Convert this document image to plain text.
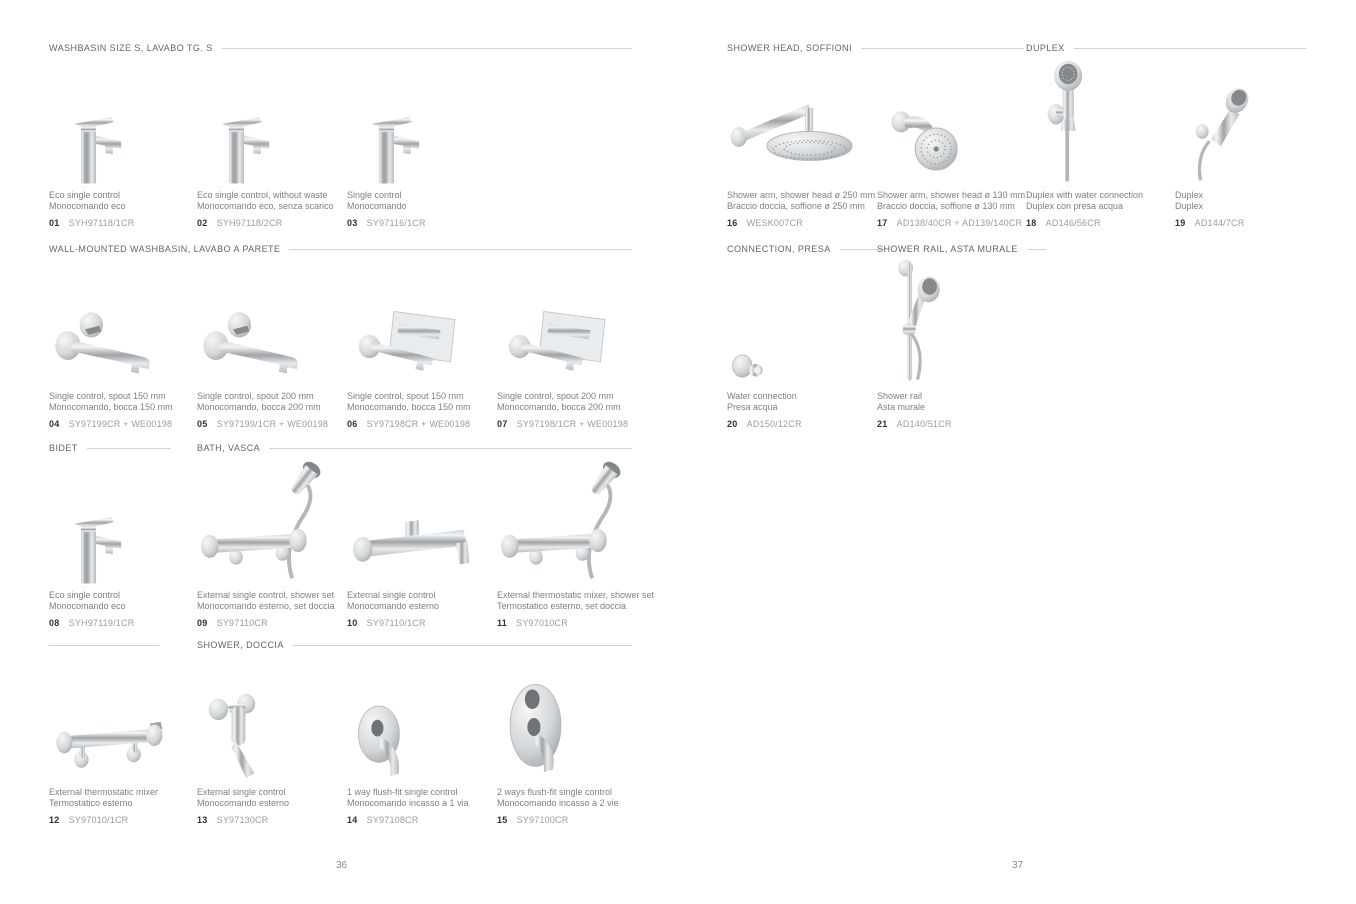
WASHBASIN SIZE S, LAVABO TG. S
Eco single control
Monocomando eco
01 SYH97118/1CR
Eco single control, without waste
Monocomando eco, senza scarico
02 SYH97118/2CR
Single control
Monocomando
03 SY97116/1CR
WALL-MOUNTED WASHBASIN, LAVABO A PARETE
Single control, spout 150 mm
Monocomando, bocca 150 mm
04 SY97199CR + WE00198
Single control, spout 200 mm
Monocomando, bocca 200 mm
05 SY97199/1CR + WE00198
Single control, spout 150 mm
Monocomando, bocca 150 mm
06 SY97198CR + WE00198
Single control, spout 200 mm
Monocomando, bocca 200 mm
07 SY97198/1CR + WE00198
BIDET	BATH, VASCA
Eco single control
Monocomando eco
08 SYH97119/1CR
External single control, shower set
Monocomando esterno, set doccia
09 SY97110CR
External single control
Monocomando esterno
10 SY97110/1CR
External thermostatic mixer, shower set
Termostatico esterno, set doccia
11 SY97010CR
SHOWER, DOCCIA
External thermostatic mixer
Termostatico esterno
12 SY97010/1CR
External single control
Monocomando esterno
13 SY97130CR
1 way flush-fit single control
Monocomando incasso a 1 via
14 SY97108CR
2 ways flush-fit single control
Monocomando incasso a 2 vie
15 SY97100CR
36
SHOWER HEAD, SOFFIONI	DUPLEX
Shower arm, shower head ø 250 mm
Braccio doccia, soffione ø 250 mm
16 WESK007CR
Shower arm, shower head ø 130 mm
Braccio doccia, soffione ø 130 mm
17 AD138/40CR + AD139/140CR
Duplex with water connection
Duplex con presa acqua
18 AD146/56CR
Duplex
Duplex
19 AD144/7CR
CONNECTION, PRESA	SHOWER RAIL, ASTA MURALE
Water connection
Presa acqua
20 AD150/12CR
Shower rail
Asta murale
21 AD140/51CR
37
